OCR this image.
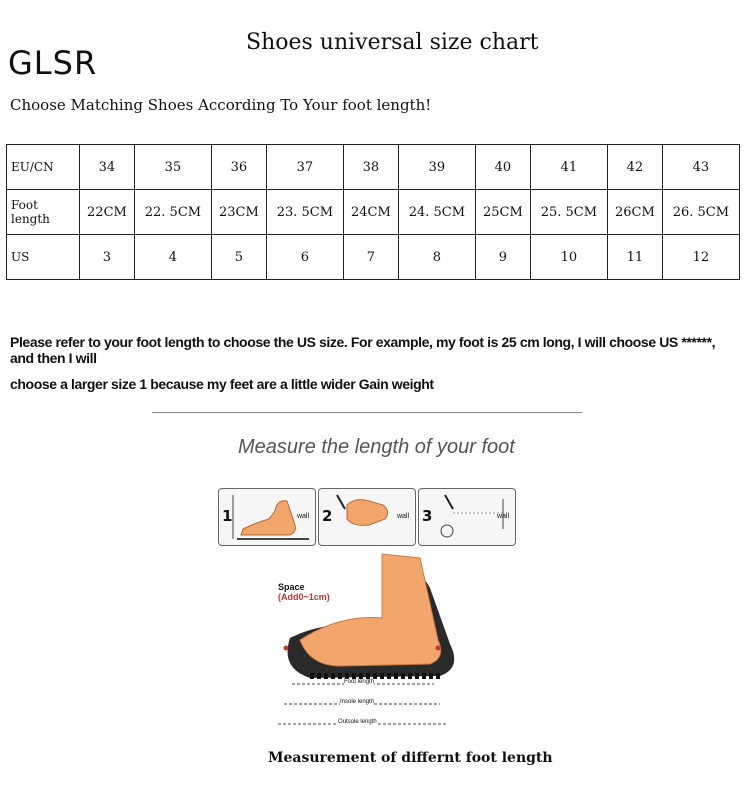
GLSR
Shoes universal size chart
Choose Matching Shoes According To Your foot length!
EU/CN	34	35	36	37	38	39	40	41	42	43
Foot length	22CM	22. 5CM	23CM	23. 5CM	24CM	24. 5CM	25CM	25. 5CM	26CM	26. 5CM
US	3	4	5	6	7	8	9	10	11	12
Please refer to your foot length to choose the US size. For example, my foot is 25 cm long, I will choose US ******, and then I will
choose a larger size 1 because my feet are a little wider Gain weight
Measure the length of your foot
1	wall 2	wall 3	wall
Space
(Add0~1cm)
Foot length
Insole length
Outsole length
Measurement of differnt foot length
